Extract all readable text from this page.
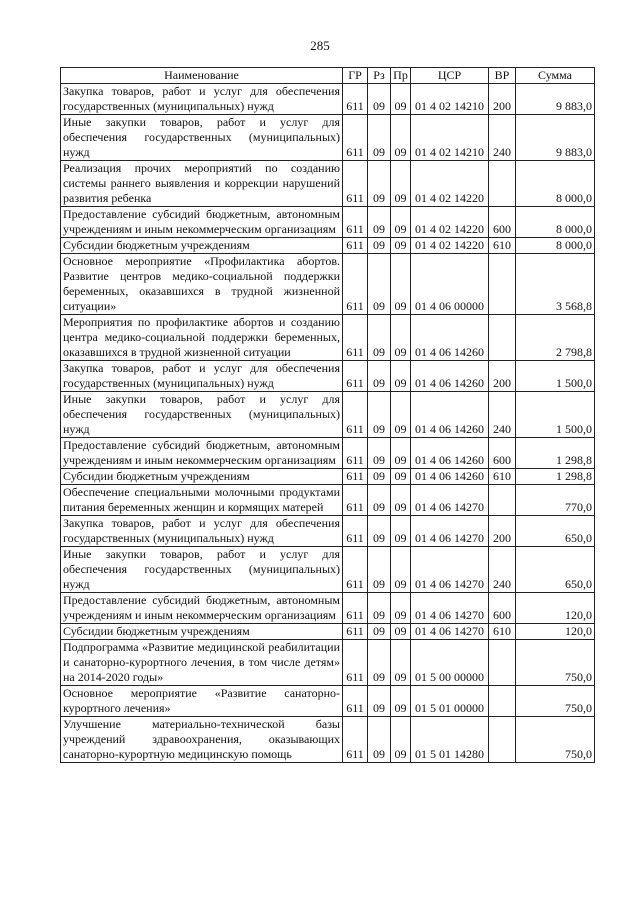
285
Наименование	ГР	Рз	Пр	ЦСР	ВР	Сумма
Закупка товаров, работ и услуг для обеспечения государственных (муниципальных) нужд	611	09	09	01 4 02 14210	200	9 883,0
Иные закупки товаров, работ и услуг для обеспечения государственных (муниципальных) нужд	611	09	09	01 4 02 14210	240	9 883,0
Реализация прочих мероприятий по созданию системы раннего выявления и коррекции нарушений развития ребенка	611	09	09	01 4 02 14220		8 000,0
Предоставление субсидий бюджетным, автономным учреждениям и иным некоммерческим организациям	611	09	09	01 4 02 14220	600	8 000,0
Субсидии бюджетным учреждениям	611	09	09	01 4 02 14220	610	8 000,0
Основное мероприятие «Профилактика абортов. Развитие центров медико-социальной поддержки беременных, оказавшихся в трудной жизненной ситуации»	611	09	09	01 4 06 00000		3 568,8
Мероприятия по профилактике абортов и созданию центра медико-социальной поддержки беременных, оказавшихся в трудной жизненной ситуации	611	09	09	01 4 06 14260		2 798,8
Закупка товаров, работ и услуг для обеспечения государственных (муниципальных) нужд	611	09	09	01 4 06 14260	200	1 500,0
Иные закупки товаров, работ и услуг для обеспечения государственных (муниципальных) нужд	611	09	09	01 4 06 14260	240	1 500,0
Предоставление субсидий бюджетным, автономным учреждениям и иным некоммерческим организациям	611	09	09	01 4 06 14260	600	1 298,8
Субсидии бюджетным учреждениям	611	09	09	01 4 06 14260	610	1 298,8
Обеспечение специальными молочными продуктами питания беременных женщин и кормящих матерей	611	09	09	01 4 06 14270		770,0
Закупка товаров, работ и услуг для обеспечения государственных (муниципальных) нужд	611	09	09	01 4 06 14270	200	650,0
Иные закупки товаров, работ и услуг для обеспечения государственных (муниципальных) нужд	611	09	09	01 4 06 14270	240	650,0
Предоставление субсидий бюджетным, автономным учреждениям и иным некоммерческим организациям	611	09	09	01 4 06 14270	600	120,0
Субсидии бюджетным учреждениям	611	09	09	01 4 06 14270	610	120,0
Подпрограмма «Развитие медицинской реабилитации и санаторно-курортного лечения, в том числе детям» на 2014-2020 годы»	611	09	09	01 5 00 00000		750,0
Основное мероприятие «Развитие санаторно-курортного лечения»	611	09	09	01 5 01 00000		750,0
Улучшение материально-технической базы учреждений здравоохранения, оказывающих санаторно-курортную медицинскую помощь	611	09	09	01 5 01 14280		750,0
